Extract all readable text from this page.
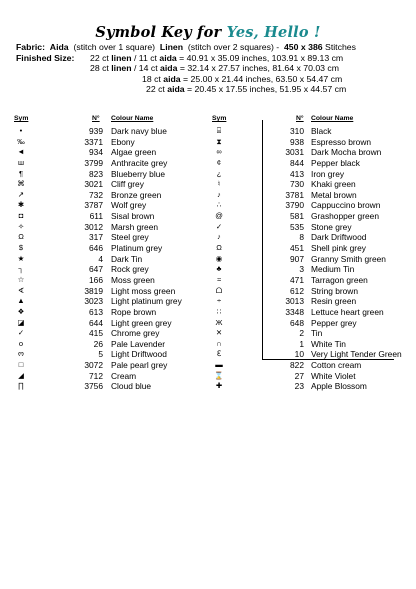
Symbol Key for Yes, Hello !
Fabric: Aida (stitch over 1 square) Linen (stitch over 2 squares) - 450 x 386 Stitches
Finished Size: 22 ct linen / 11 ct aida = 40.91 x 35.09 inches, 103.91 x 89.13 cm
28 ct linen / 14 ct aida = 32.14 x 27.57 inches, 81.64 x 70.03 cm
18 ct aida = 25.00 x 21.44 inches, 63.50 x 54.47 cm
22 ct aida = 20.45 x 17.55 inches, 51.95 x 44.57 cm
Sym	N° Colour Name
•	939 Dark navy blue
‰	3371 Ebony
◄	934 Algae green
ш	3799 Anthracite grey
¶	823 Blueberry blue
⌘	3021 Cliff grey
↗	732 Bronze green
✱	3787 Wolf grey
◘	611 Sisal brown
✧	3012 Marsh green
Ω	317 Steel grey
$	646 Platinum grey
★	4 Dark Tin
┐	647 Rock grey
☆	166 Moss green
∢	3819 Light moss green
▲	3023 Light platinum grey
❖	613 Rope brown
◪	644 Light green grey
✓	415 Chrome grey
о	26 Pale Lavender
ო	5 Light Driftwood
□	3072 Pale pearl grey
◢	712 Cream
∏	3756 Cloud blue
Sym	N° Colour Name
⌸	310 Black
⧗	938 Espresso brown
∞	3031 Dark Mocha brown
¢	844 Pepper black
¿	413 Iron grey
♮	730 Khaki green
♪	3781 Metal brown
∴	3790 Cappuccino brown
@	581 Grashopper green
✓	535 Stone grey
♪	8 Dark Driftwood
Ω	451 Shell pink grey
◉	907 Granny Smith green
♣	3 Medium Tin
≈	471 Tarragon green
ᗝ	612 String brown
÷	3013 Resin green
∷	3348 Lettuce heart green
Ж	648 Pepper grey
✕	2 Tin
∩	1 White Tin
ℇ	10 Very Light Tender Green
▬	822 Cotton cream
⌛	27 White Violet
✚	23 Apple Blossom
